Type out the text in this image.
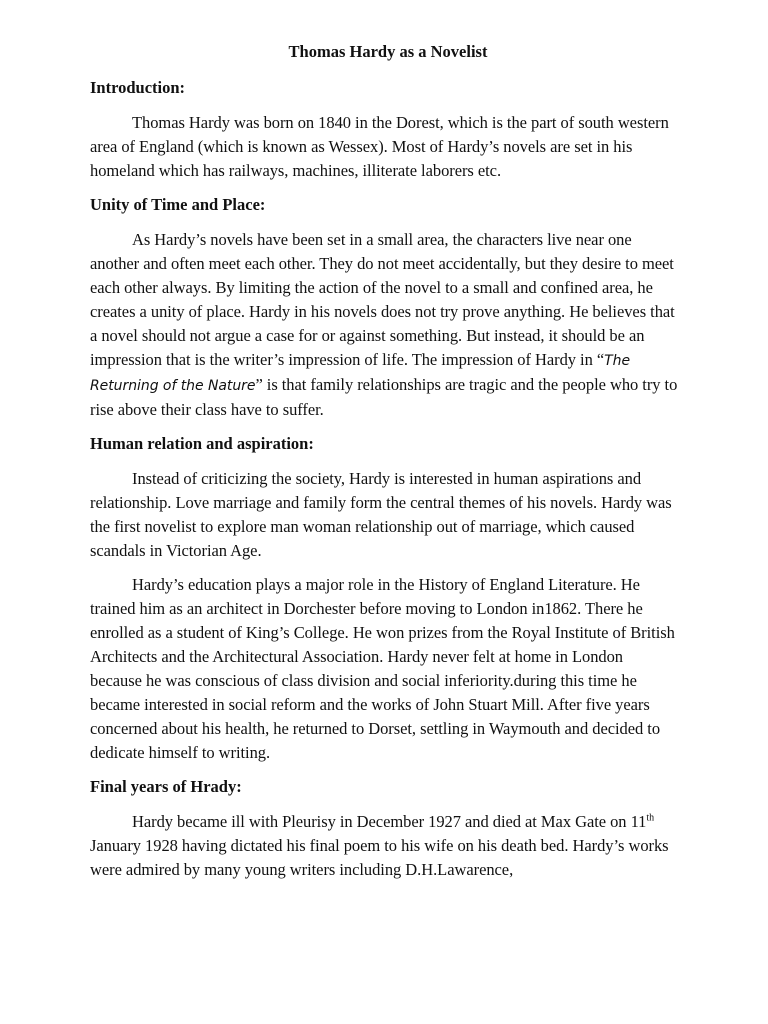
Thomas Hardy as a Novelist
Introduction:

Thomas Hardy was born on 1840 in the Dorest, which is the part of south western area of England (which is known as Wessex). Most of Hardy’s novels are set in his homeland which has railways, machines, illiterate laborers etc.

Unity of Time and Place:

As Hardy’s novels have been set in a small area, the characters live near one another and often meet each other. They do not meet accidentally, but they desire to meet each other always. By limiting the action of the novel to a small and confined area, he creates a unity of place. Hardy in his novels does not try prove anything. He believes that a novel should not argue a case for or against something. But instead, it should be an impression that is the writer’s impression of life. The impression of Hardy in “The Returning of the Nature” is that family relationships are tragic and the people who try to rise above their class have to suffer.

Human relation and aspiration:

Instead of criticizing the society, Hardy is interested in human aspirations and relationship. Love marriage and family form the central themes of his novels. Hardy was the first novelist to explore man woman relationship out of marriage, which caused scandals in Victorian Age.

Hardy’s education plays a major role in the History of England Literature. He trained him as an architect in Dorchester before moving to London in1862. There he enrolled as a student of King’s College. He won prizes from the Royal Institute of British Architects and the Architectural Association. Hardy never felt at home in London because he was conscious of class division and social inferiority.during this time he became interested in social reform and the works of John Stuart Mill. After five years concerned about his health, he returned to Dorset, settling in Waymouth and decided to dedicate himself to writing.

Final years of Hrady:

Hardy became ill with Pleurisy in December 1927 and died at Max Gate on 11th January 1928 having dictated his final poem to his wife on his death bed. Hardy’s works were admired by many young writers including D.H.Lawarence,
